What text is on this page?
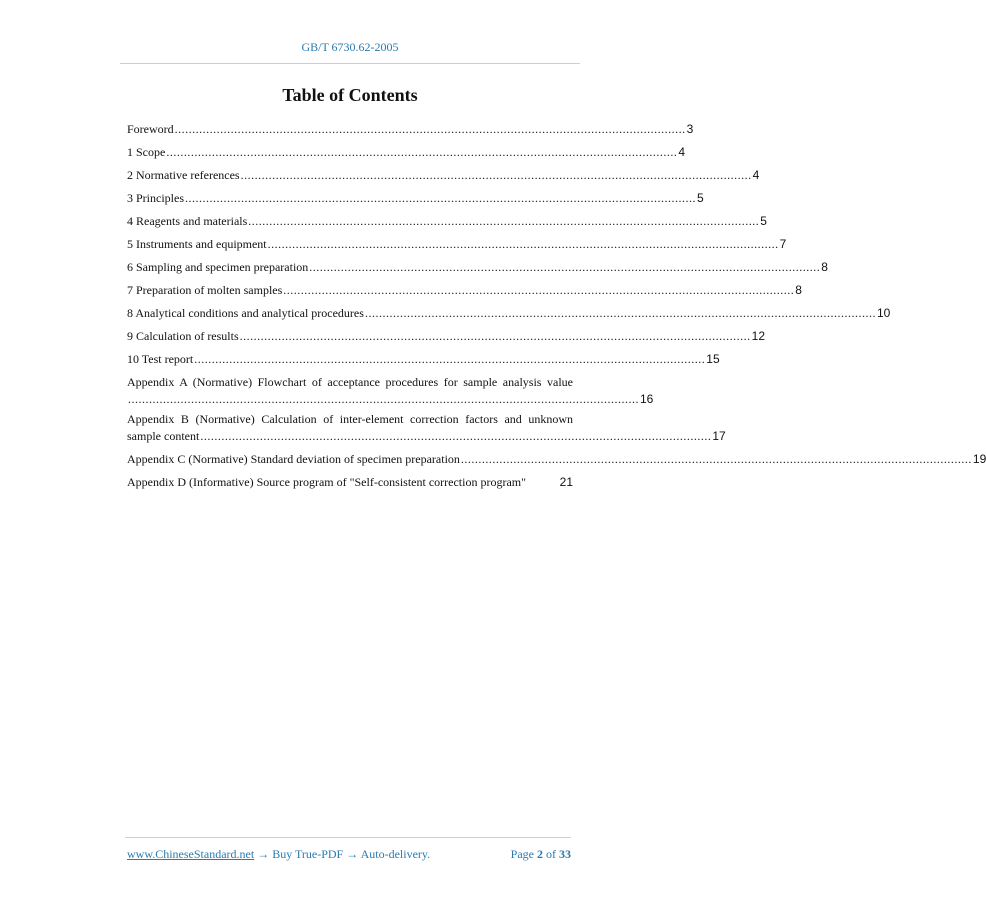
GB/T 6730.62-2005
Table of Contents
Foreword .................................................................................................................................................. 3
1 Scope .................................................................................................................................................. 4
2 Normative references .................................................................................................................................................. 4
3 Principles .................................................................................................................................................. 5
4 Reagents and materials .................................................................................................................................................. 5
5 Instruments and equipment .................................................................................................................................................. 7
6 Sampling and specimen preparation .................................................................................................................................................. 8
7 Preparation of molten samples .................................................................................................................................................. 8
8 Analytical conditions and analytical procedures .................................................................................................................................................. 10
9 Calculation of results .................................................................................................................................................. 12
10 Test report .................................................................................................................................................. 15
Appendix A (Normative) Flowchart of acceptance procedures for sample analysis value
.................................................................................................................................................. 16
Appendix B (Normative) Calculation of inter-element correction factors and unknown
sample content .................................................................................................................................................. 17
Appendix C (Normative) Standard deviation of specimen preparation .................................................................................................................................................. 19
Appendix D (Informative) Source program of "Self-consistent correction program"	21
www.ChineseStandard.net → Buy True-PDF → Auto-delivery.	Page 2 of 33
